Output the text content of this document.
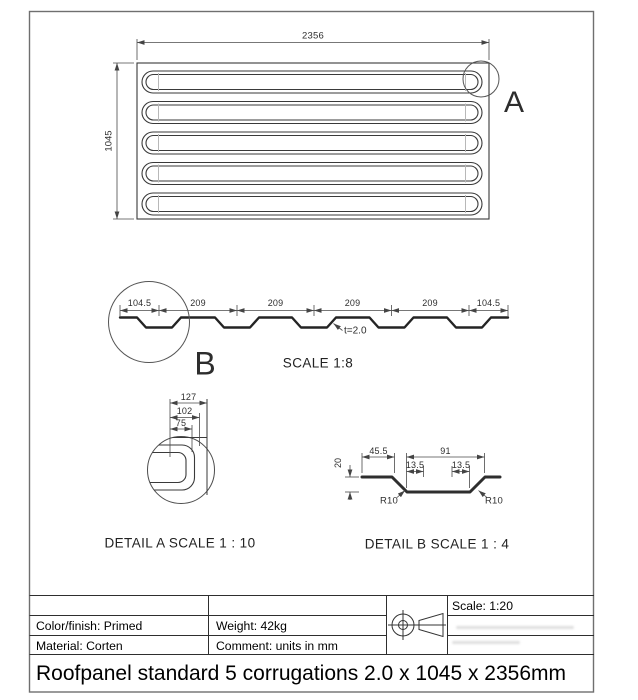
2356
1045
A
104.5	209	209	209	209	104.5
t=2.0
B	SCALE 1:8
127
102
75
DETAIL A SCALE 1 : 10
45.5	91
13.5	13.5
20
R10	R10
DETAIL B SCALE 1 : 4
Color/finish: Primed
Material: Corten
Weight: 42kg
Comment: units in mm
Scale: 1:20
Roofpanel standard 5 corrugations 2.0 x 1045 x 2356mm
